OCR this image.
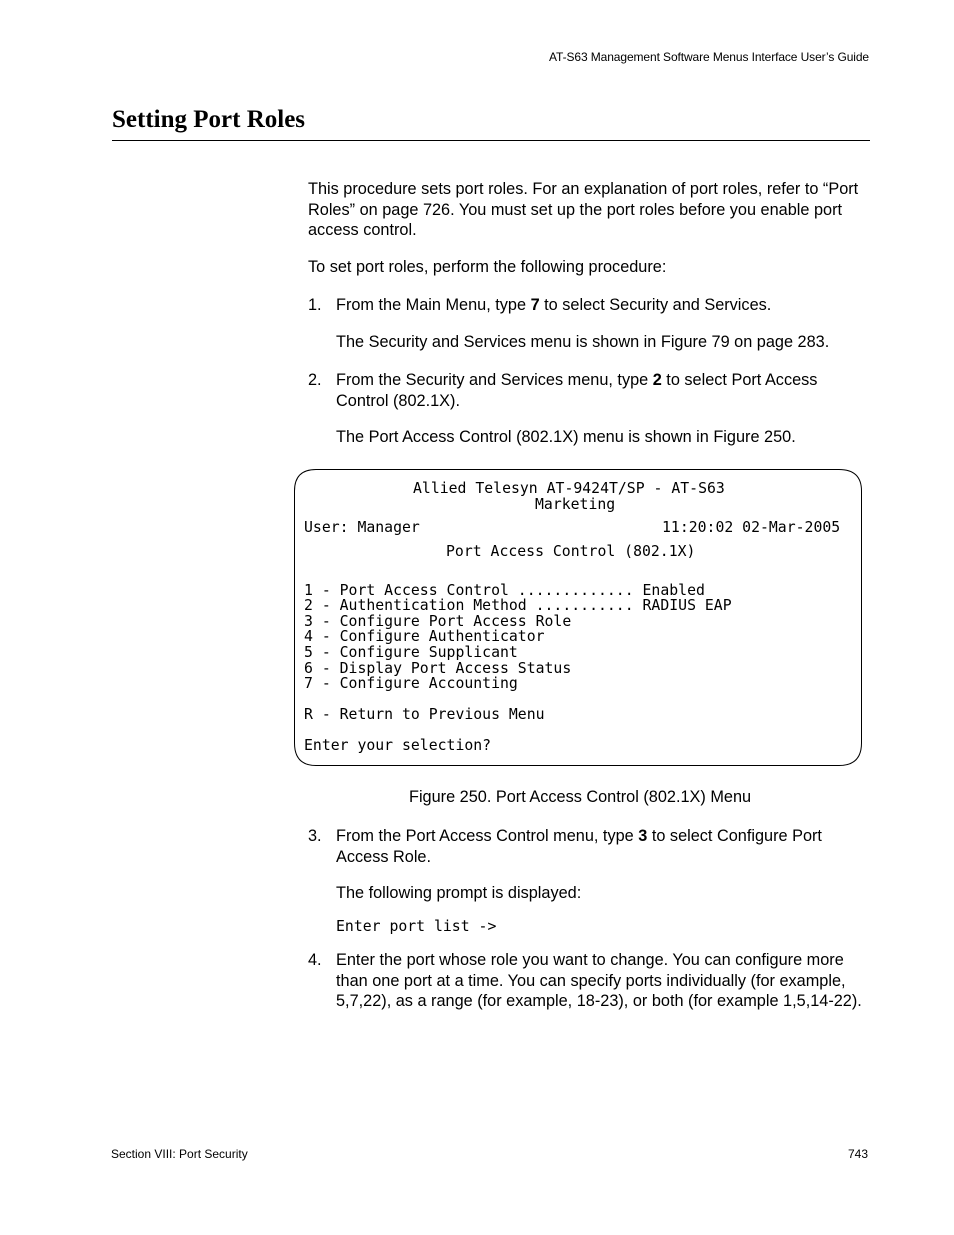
AT-S63 Management Software Menus Interface User’s Guide
Setting Port Roles

This procedure sets port roles. For an explanation of port roles, refer to “Port Roles” on page 726. You must set up the port roles before you enable port access control.

To set port roles, perform the following procedure:

1. From the Main Menu, type 7 to select Security and Services.

The Security and Services menu is shown in Figure 79 on page 283.

2. From the Security and Services menu, type 2 to select Port Access Control (802.1X).

The Port Access Control (802.1X) menu is shown in Figure 250.

Allied Telesyn AT-9424T/SP - AT-S63
Marketing
User: Manager	11:20:02 02-Mar-2005
Port Access Control (802.1X)
1 - Port Access Control ............. Enabled
2 - Authentication Method ........... RADIUS EAP
3 - Configure Port Access Role
4 - Configure Authenticator
5 - Configure Supplicant
6 - Display Port Access Status
7 - Configure Accounting
R - Return to Previous Menu
Enter your selection?
Figure 250. Port Access Control (802.1X) Menu
3. From the Port Access Control menu, type 3 to select Configure Port Access Role.

The following prompt is displayed:

Enter port list ->
4. Enter the port whose role you want to change. You can configure more than one port at a time. You can specify ports individually (for example, 5,7,22), as a range (for example, 18-23), or both (for example 1,5,14-22).

Section VIII: Port Security	743
